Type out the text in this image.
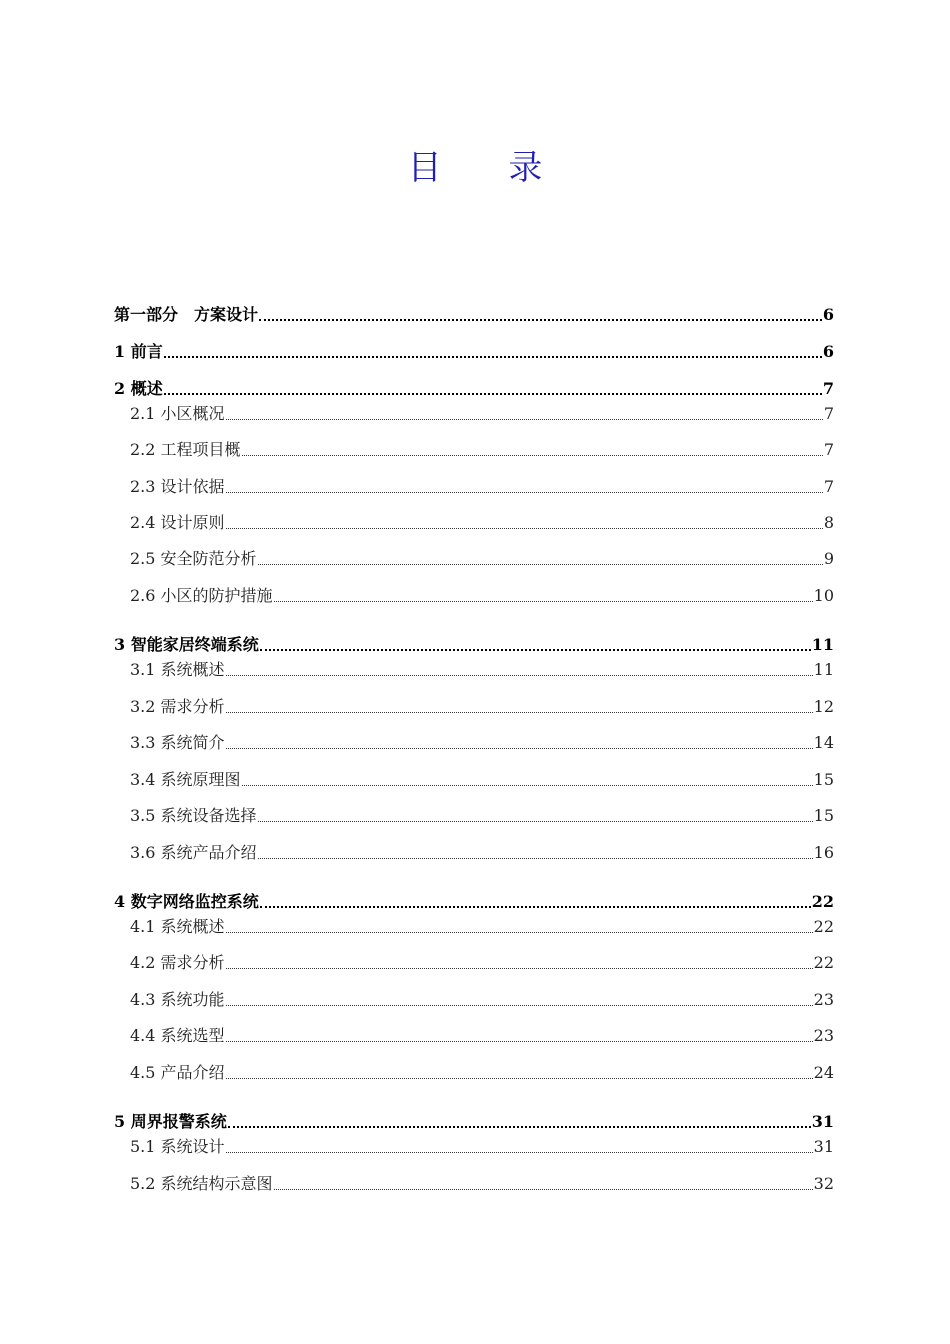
目 录
第一部分　方案设计	6
1 前言	6
2 概述	7
2.1 小区概况	7
2.2 工程项目概	7
2.3 设计依据	7
2.4 设计原则	8
2.5 安全防范分析	9
2.6 小区的防护措施	10
3 智能家居终端系统	11
3.1 系统概述	11
3.2 需求分析	12
3.3 系统简介	14
3.4 系统原理图	15
3.5 系统设备选择	15
3.6 系统产品介绍	16
4 数字网络监控系统	22
4.1 系统概述	22
4.2 需求分析	22
4.3 系统功能	23
4.4 系统选型	23
4.5 产品介绍	24
5 周界报警系统	31
5.1 系统设计	31
5.2 系统结构示意图	32
